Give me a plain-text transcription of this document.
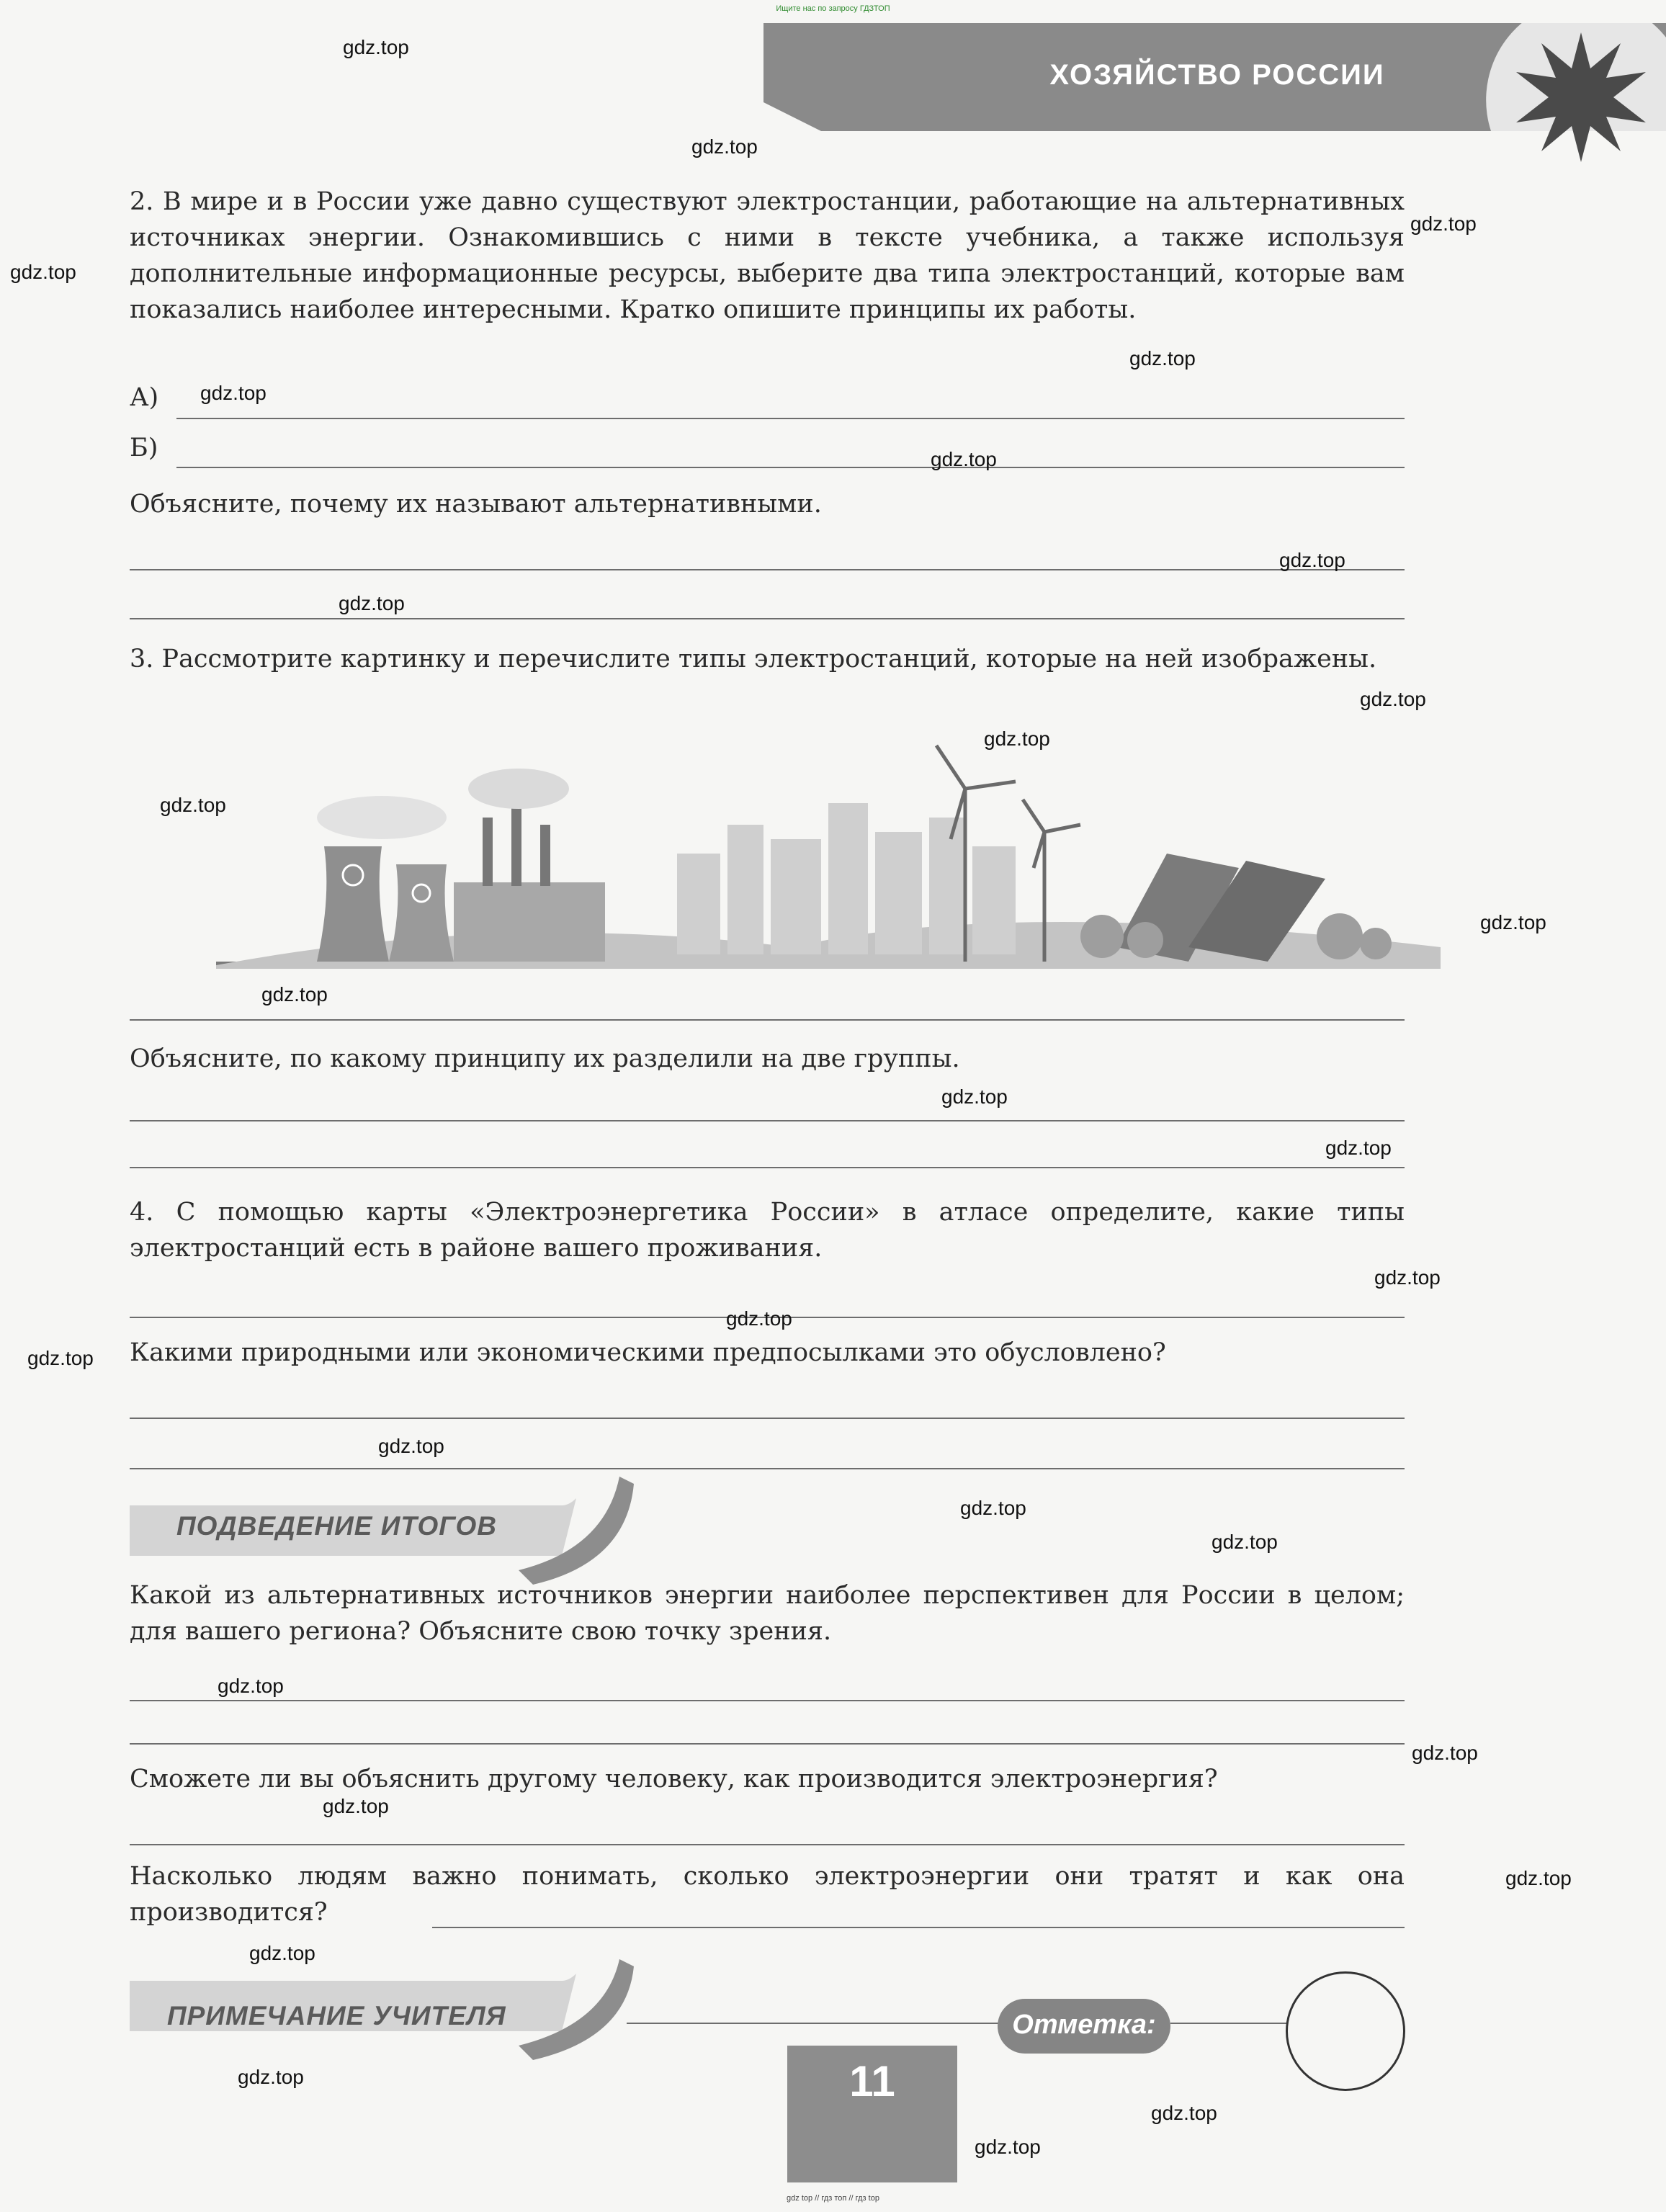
Ищите нас по запросу ГДЗТОП
ХОЗЯЙСТВО РОССИИ
2. В мире и в России уже давно существуют электростанции, работающие на альтернативных источниках энергии. Ознакомившись с ними в тексте учебника, а также используя дополнительные информационные ресурсы, выберите два типа электростанций, которые вам показались наиболее интересными. Кратко опишите принципы их работы.
А)
Б)
Объясните, почему их называют альтернативными.
3. Рассмотрите картинку и перечислите типы электростанций, которые на ней изображены.
Объясните, по какому принципу их разделили на две группы.
4. С помощью карты «Электроэнергетика России» в атласе определите, какие типы электростанций есть в районе вашего проживания.
Какими природными или экономическими предпосылками это обусловлено?
ПОДВЕДЕНИЕ ИТОГОВ
Какой из альтернативных источников энергии наиболее перспективен для России в целом; для вашего региона? Объясните свою точку зрения.
Сможете ли вы объяснить другому человеку, как производится электроэнергия?
Насколько людям важно понимать, сколько электроэнергии они тратят и как она производится?
ПРИМЕЧАНИЕ УЧИТЕЛЯ	Отметка:
11
gdz.top
gdz.top
gdz.top
gdz.top
gdz.top
gdz.top
gdz.top
gdz.top
gdz.top
gdz.top
gdz.top
gdz.top
gdz.top
gdz.top
gdz.top
gdz.top
gdz.top
gdz.top
gdz.top
gdz.top
gdz.top
gdz.top
gdz.top
gdz.top
gdz.top
gdz.top
gdz.top
gdz.top
gdz.top
gdz.top
gdz top // гдз топ // гдз top
